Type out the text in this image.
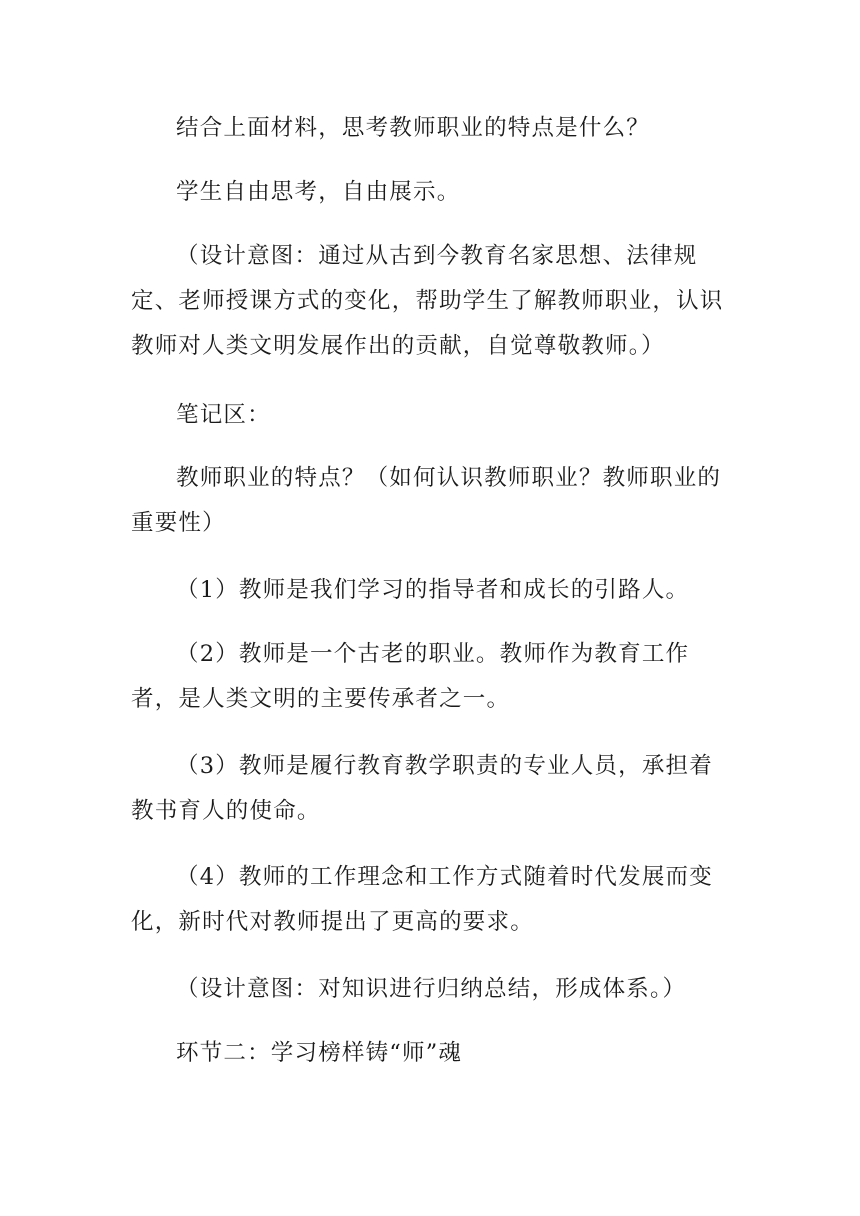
结合上面材料，思考教师职业的特点是什么？

学生自由思考，自由展示。

（设计意图：通过从古到今教育名家思想、法律规定、老师授课方式的变化，帮助学生了解教师职业，认识教师对人类文明发展作出的贡献，自觉尊敬教师。）

笔记区：

教师职业的特点？（如何认识教师职业？教师职业的重要性）

（1）教师是我们学习的指导者和成长的引路人。

（2）教师是一个古老的职业。教师作为教育工作者，是人类文明的主要传承者之一。

（3）教师是履行教育教学职责的专业人员，承担着教书育人的使命。

（4）教师的工作理念和工作方式随着时代发展而变化，新时代对教师提出了更高的要求。

（设计意图：对知识进行归纳总结，形成体系。）

环节二：学习榜样铸“师”魂
